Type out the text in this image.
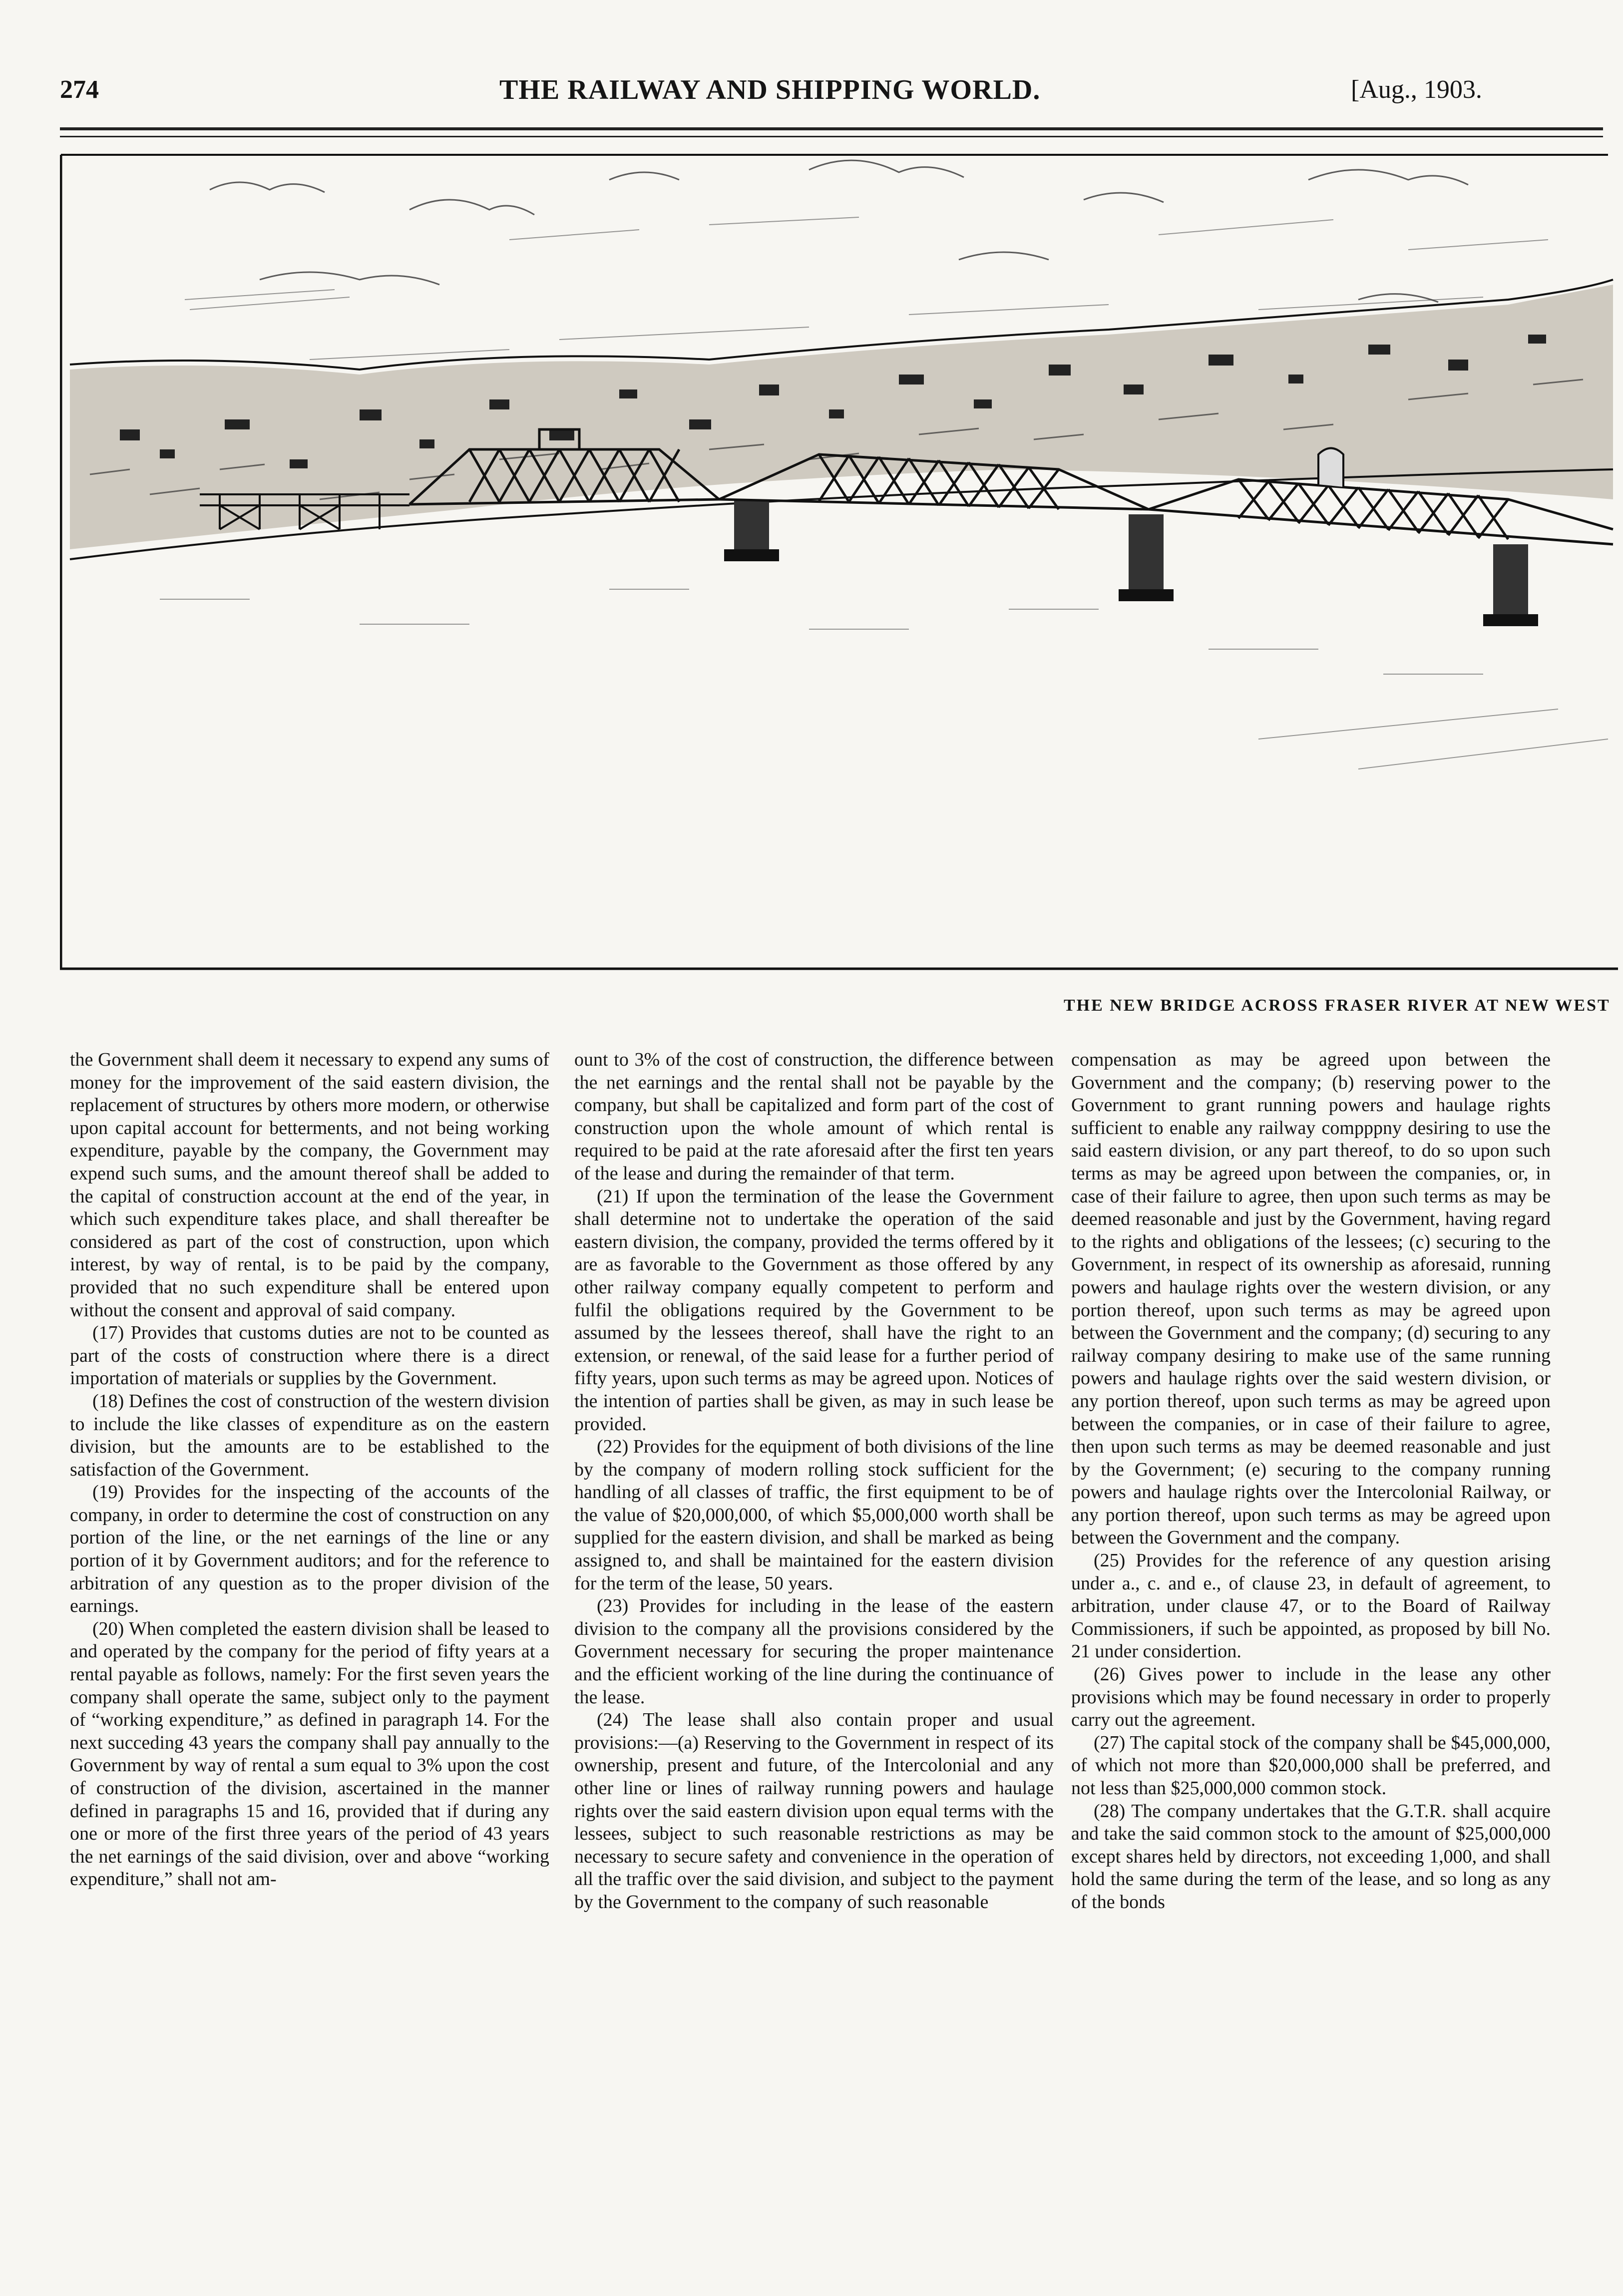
274	THE RAILWAY AND SHIPPING WORLD.	[Aug., 1903.
THE NEW BRIDGE ACROSS FRASER RIVER AT NEW WEST

the Government shall deem it necessary to expend any sums of money for the improvement of the said eastern division, the replacement of structures by others more modern, or otherwise upon capital account for betterments, and not being working expenditure, payable by the company, the Government may expend such sums, and the amount thereof shall be added to the capital of construction account at the end of the year, in which such expenditure takes place, and shall thereafter be considered as part of the cost of construction, upon which interest, by way of rental, is to be paid by the company, provided that no such expenditure shall be entered upon without the consent and approval of said company.

(17) Provides that customs duties are not to be counted as part of the costs of construction where there is a direct importation of materials or supplies by the Government.

(18) Defines the cost of construction of the western division to include the like classes of expenditure as on the eastern division, but the amounts are to be established to the satisfaction of the Government.

(19) Provides for the inspecting of the accounts of the company, in order to determine the cost of construction on any portion of the line, or the net earnings of the line or any portion of it by Government auditors; and for the reference to arbitration of any question as to the proper division of the earnings.

(20) When completed the eastern division shall be leased to and operated by the company for the period of fifty years at a rental payable as follows, namely: For the first seven years the company shall operate the same, subject only to the payment of “working expenditure,” as defined in paragraph 14. For the next succeding 43 years the company shall pay annually to the Government by way of rental a sum equal to 3% upon the cost of construction of the division, ascertained in the manner defined in paragraphs 15 and 16, provided that if during any one or more of the first three years of the period of 43 years the net earnings of the said division, over and above “working expenditure,” shall not am-

ount to 3% of the cost of construction, the difference between the net earnings and the rental shall not be payable by the company, but shall be capitalized and form part of the cost of construction upon the whole amount of which rental is required to be paid at the rate aforesaid after the first ten years of the lease and during the remainder of that term.

(21) If upon the termination of the lease the Government shall determine not to undertake the operation of the said eastern division, the company, provided the terms offered by it are as favorable to the Government as those offered by any other railway company equally competent to perform and fulfil the obligations required by the Government to be assumed by the lessees thereof, shall have the right to an extension, or renewal, of the said lease for a further period of fifty years, upon such terms as may be agreed upon. Notices of the intention of parties shall be given, as may in such lease be provided.

(22) Provides for the equipment of both divisions of the line by the company of modern rolling stock sufficient for the handling of all classes of traffic, the first equipment to be of the value of $20,000,000, of which $5,000,000 worth shall be supplied for the eastern division, and shall be marked as being assigned to, and shall be maintained for the eastern division for the term of the lease, 50 years.

(23) Provides for including in the lease of the eastern division to the company all the provisions considered by the Government necessary for securing the proper maintenance and the efficient working of the line during the continuance of the lease.

(24) The lease shall also contain proper and usual provisions:—(a) Reserving to the Government in respect of its ownership, present and future, of the Intercolonial and any other line or lines of railway running powers and haulage rights over the said eastern division upon equal terms with the lessees, subject to such reasonable restrictions as may be necessary to secure safety and convenience in the operation of all the traffic over the said division, and subject to the payment by the Government to the company of such reasonable

compensation as may be agreed upon between the Government and the company; (b) reserving power to the Government to grant running powers and haulage rights sufficient to enable any railway compppny desiring to use the said eastern division, or any part thereof, to do so upon such terms as may be agreed upon between the companies, or, in case of their failure to agree, then upon such terms as may be deemed reasonable and just by the Government, having regard to the rights and obligations of the lessees; (c) securing to the Government, in respect of its ownership as aforesaid, running powers and haulage rights over the western division, or any portion thereof, upon such terms as may be agreed upon between the Government and the company; (d) securing to any railway company desiring to make use of the same running powers and haulage rights over the said western division, or any portion thereof, upon such terms as may be agreed upon between the companies, or in case of their failure to agree, then upon such terms as may be deemed reasonable and just by the Government; (e) securing to the company running powers and haulage rights over the Intercolonial Railway, or any portion thereof, upon such terms as may be agreed upon between the Government and the company.

(25) Provides for the reference of any question arising under a., c. and e., of clause 23, in default of agreement, to arbitration, under clause 47, or to the Board of Railway Commissioners, if such be appointed, as proposed by bill No. 21 under considertion.

(26) Gives power to include in the lease any other provisions which may be found necessary in order to properly carry out the agreement.

(27) The capital stock of the company shall be $45,000,000, of which not more than $20,000,000 shall be preferred, and not less than $25,000,000 common stock.

(28) The company undertakes that the G.T.R. shall acquire and take the said common stock to the amount of $25,000,000 except shares held by directors, not exceeding 1,000, and shall hold the same during the term of the lease, and so long as any of the bonds
